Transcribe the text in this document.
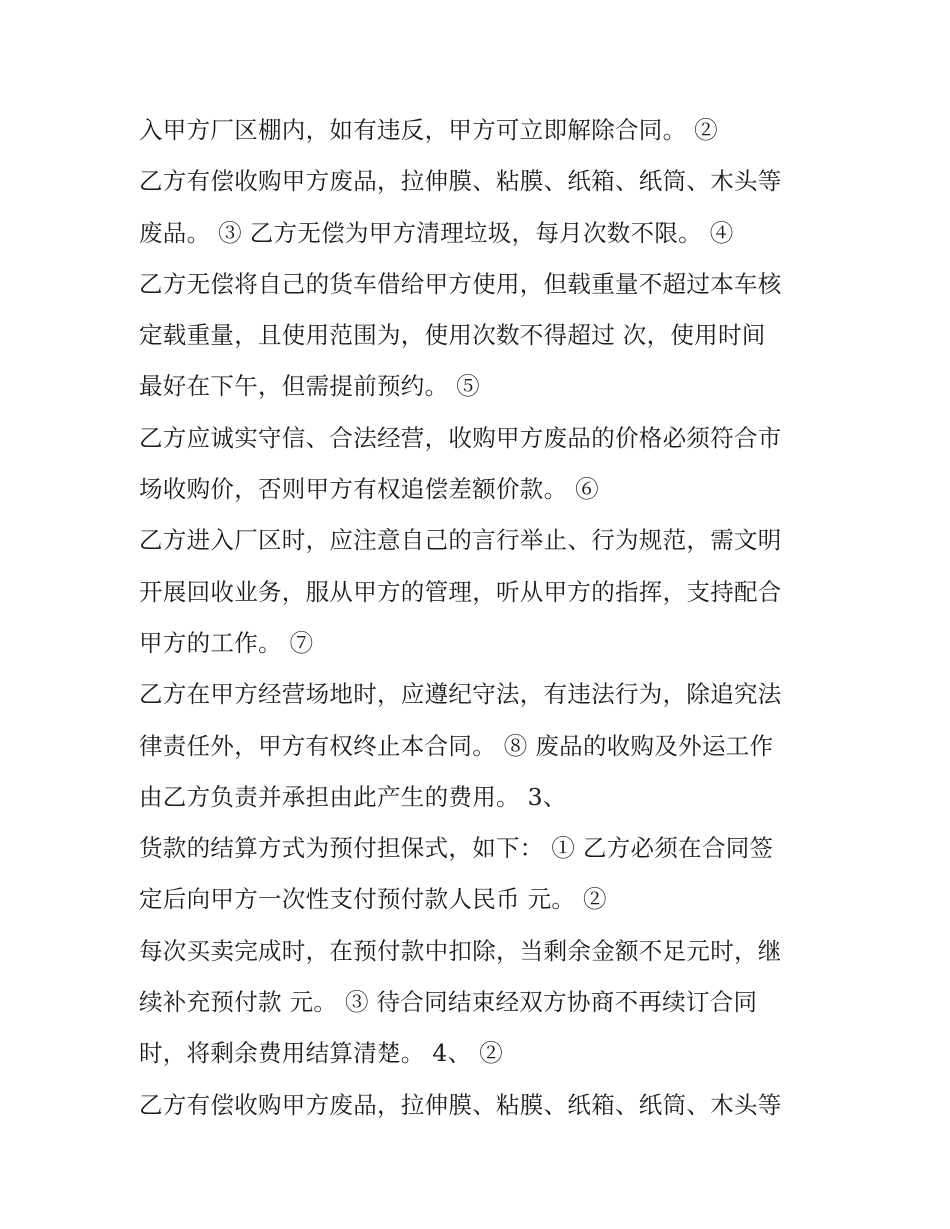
入甲方厂区棚内，如有违反，甲方可立即解除合同。 ②
乙方有偿收购甲方废品，拉伸膜、粘膜、纸箱、纸筒、木头等
废品。 ③ 乙方无偿为甲方清理垃圾，每月次数不限。 ④
乙方无偿将自己的货车借给甲方使用，但载重量不超过本车核
定载重量，且使用范围为，使用次数不得超过 次，使用时间
最好在下午，但需提前预约。 ⑤
乙方应诚实守信、合法经营，收购甲方废品的价格必须符合市
场收购价，否则甲方有权追偿差额价款。 ⑥
乙方进入厂区时，应注意自己的言行举止、行为规范，需文明
开展回收业务，服从甲方的管理，听从甲方的指挥，支持配合
甲方的工作。 ⑦
乙方在甲方经营场地时，应遵纪守法，有违法行为，除追究法
律责任外，甲方有权终止本合同。 ⑧ 废品的收购及外运工作
由乙方负责并承担由此产生的费用。 3、
货款的结算方式为预付担保式，如下： ① 乙方必须在合同签
定后向甲方一次性支付预付款人民币 元。 ②
每次买卖完成时，在预付款中扣除，当剩余金额不足元时，继
续补充预付款 元。 ③ 待合同结束经双方协商不再续订合同
时，将剩余费用结算清楚。 4、 ②
乙方有偿收购甲方废品，拉伸膜、粘膜、纸箱、纸筒、木头等
